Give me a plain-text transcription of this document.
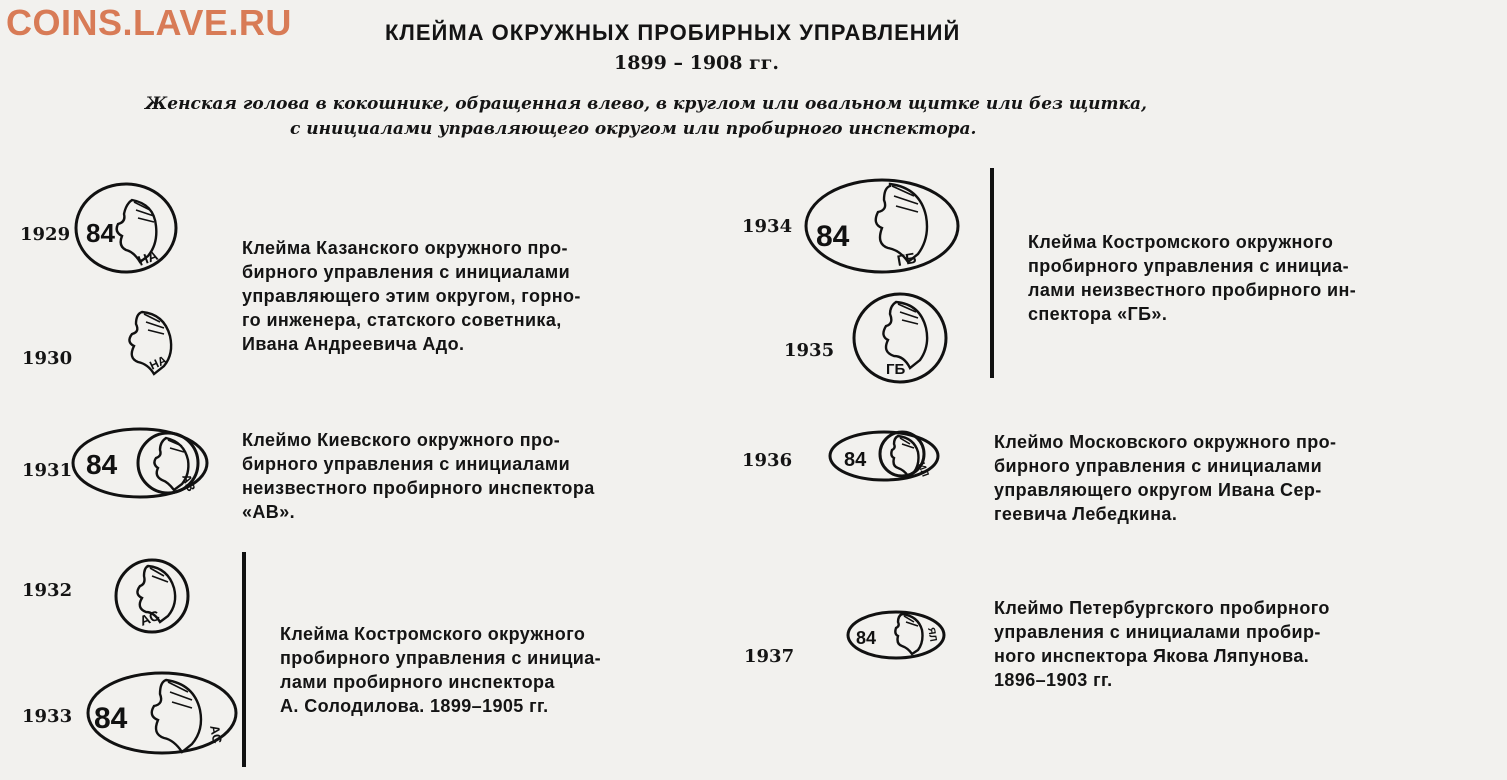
COINS.LAVE.RU	КЛЕЙМА ОКРУЖНЫХ ПРОБИРНЫХ УПРАВЛЕНИЙ
1899 – 1908 гг.
Женская голова в кокошнике, обращенная влево, в круглом или овальном щитке или без щитка,
с инициалами управляющего округом или пробирного инспектора.
1929 84
НА
1930	НА
Клейма Казанского окружного про-
бирного управления с инициалами
управляющего этим округом, горно-
го инженера, статского советника,
Ивана Андреевича Адо.
1931 84
АВ
Клеймо Киевского окружного про-
бирного управления с инициалами
неизвестного пробирного инспектора
«АВ».
1932
АС
1933 84	АС
Клейма Костромского окружного
пробирного управления с инициа-
лами пробирного инспектора
А. Солодилова. 1899–1905 гг.
1934 84
ГБ
1935
ГБ
Клейма Костромского окружного
пробирного управления с инициа-
лами неизвестного пробирного ин-
спектора «ГБ».
1936	84	ИЛ
Клеймо Московского окружного про-
бирного управления с инициалами
управляющего округом Ивана Сер-
геевича Лебедкина.
1937
84	ЯЛ
Клеймо Петербургского пробирного
управления с инициалами пробир-
ного инспектора Якова Ляпунова.
1896–1903 гг.
